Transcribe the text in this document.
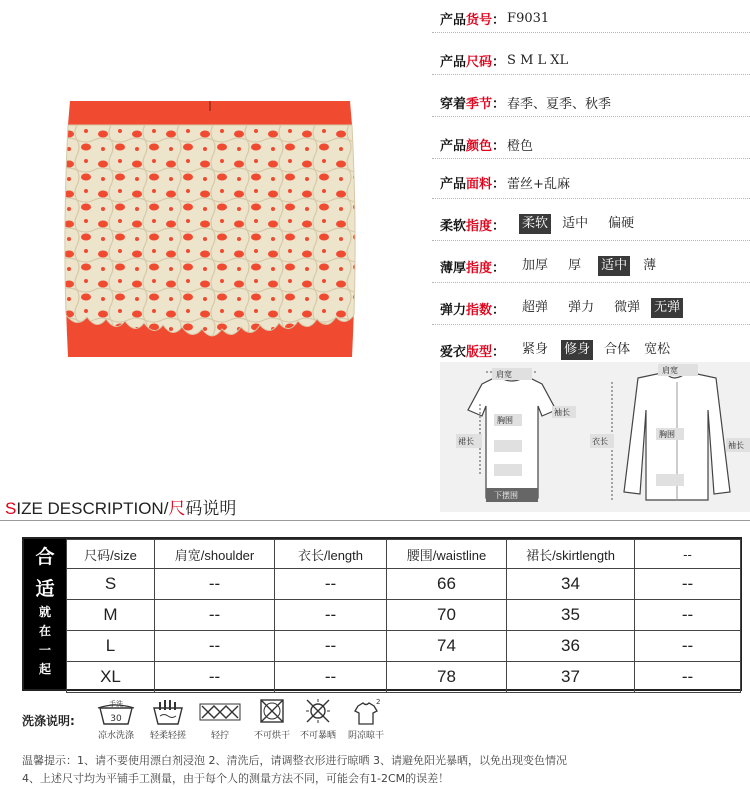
产品货号： F9031
产品尺码： S M L XL
穿着季节： 春季、夏季、秋季
产品颜色： 橙色
产品面料： 蕾丝+乱麻
柔软指度： 柔软 适中 偏硬
薄厚指度： 加厚 厚 适中 薄
弹力指数： 超弹 弹力 微弹 无弹
爱衣版型： 紧身 修身 合体 宽松
肩宽
胸围
袖长
裙长
下摆围
肩宽
胸围
衣长	袖长
SIZE DESCRIPTION/尺码说明
合
适
就
在
一
起
尺码/size	肩宽/shoulder	衣长/length	腰围/waistline	裙长/skirtlength	--
S	--	--	66	34	--
M	--	--	70	35	--
L	--	--	74	36	--
XL	--	--	78	37	--
洗涤说明:	30
手洗
凉水洗涤	轻柔轻搓	轻拧	不可烘干	不可暴晒
2
阴凉晾干
温馨提示：1、请不要使用漂白剂浸泡 2、清洗后，请调整衣形进行晾晒 3、请避免阳光暴晒，以免出现变色情况
4、上述尺寸均为平铺手工测量，由于每个人的测量方法不同，可能会有1-2CM的误差！
